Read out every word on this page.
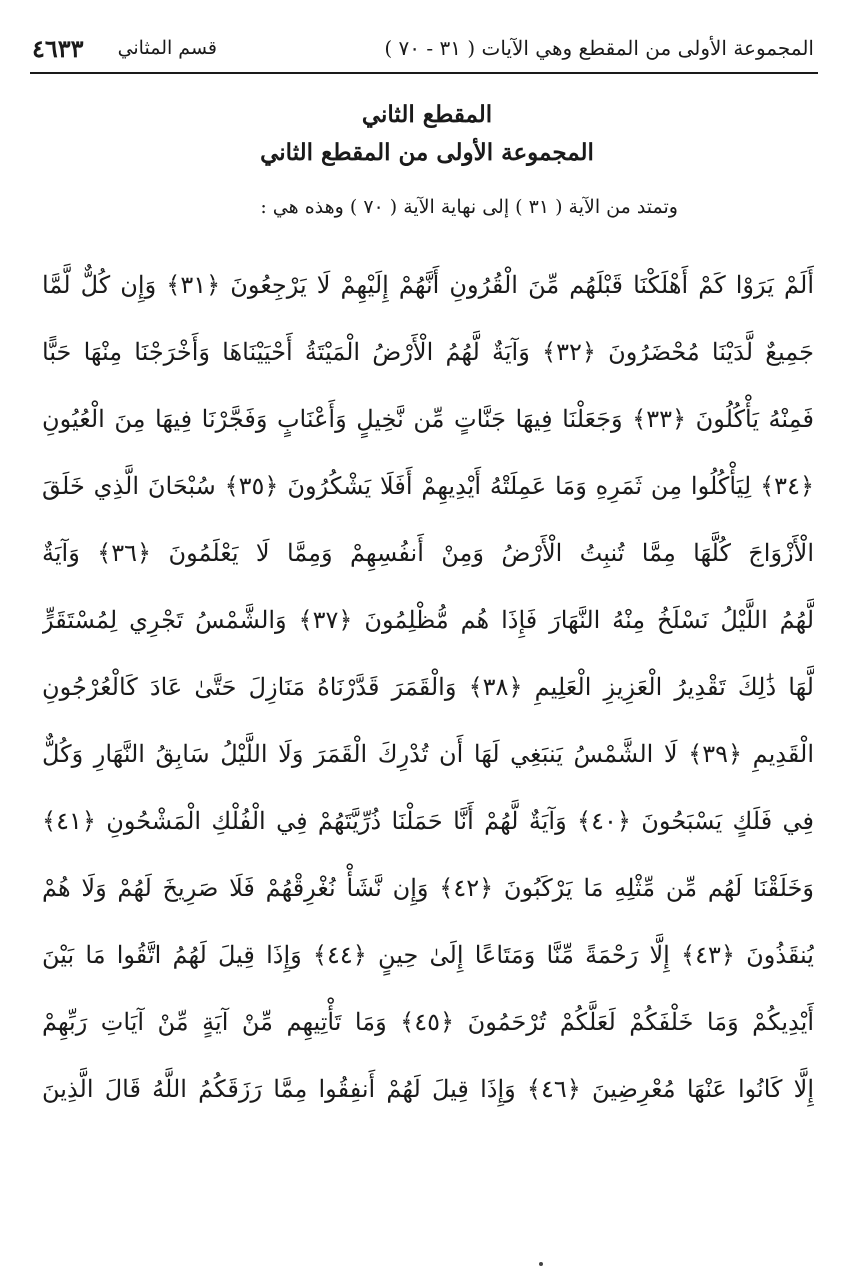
المجموعة الأولى من المقطع وهي الآيات ( ٣١ - ٧٠ )
قسم المثاني
٤٦٣٣
المقطع الثاني
المجموعة الأولى من المقطع الثاني
وتمتد من الآية ( ٣١ ) إلى نهاية الآية ( ٧٠ ) وهذه هي :
أَلَمْ يَرَوْا كَمْ أَهْلَكْنَا قَبْلَهُم مِّنَ الْقُرُونِ أَنَّهُمْ إِلَيْهِمْ لَا يَرْجِعُونَ ﴿٣١﴾ وَإِن كُلٌّ لَّمَّا
جَمِيعٌ لَّدَيْنَا مُحْضَرُونَ ﴿٣٢﴾ وَآيَةٌ لَّهُمُ الْأَرْضُ الْمَيْتَةُ أَحْيَيْنَاهَا وَأَخْرَجْنَا مِنْهَا حَبًّا
فَمِنْهُ يَأْكُلُونَ ﴿٣٣﴾ وَجَعَلْنَا فِيهَا جَنَّاتٍ مِّن نَّخِيلٍ وَأَعْنَابٍ وَفَجَّرْنَا فِيهَا مِنَ الْعُيُونِ
﴿٣٤﴾ لِيَأْكُلُوا مِن ثَمَرِهِ وَمَا عَمِلَتْهُ أَيْدِيهِمْ أَفَلَا يَشْكُرُونَ ﴿٣٥﴾ سُبْحَانَ الَّذِي خَلَقَ
الْأَزْوَاجَ كُلَّهَا مِمَّا تُنبِتُ الْأَرْضُ وَمِنْ أَنفُسِهِمْ وَمِمَّا لَا يَعْلَمُونَ ﴿٣٦﴾ وَآيَةٌ
لَّهُمُ اللَّيْلُ نَسْلَخُ مِنْهُ النَّهَارَ فَإِذَا هُم مُّظْلِمُونَ ﴿٣٧﴾ وَالشَّمْسُ تَجْرِي لِمُسْتَقَرٍّ
لَّهَا ذَٰلِكَ تَقْدِيرُ الْعَزِيزِ الْعَلِيمِ ﴿٣٨﴾ وَالْقَمَرَ قَدَّرْنَاهُ مَنَازِلَ حَتَّىٰ عَادَ كَالْعُرْجُونِ
الْقَدِيمِ ﴿٣٩﴾ لَا الشَّمْسُ يَنبَغِي لَهَا أَن تُدْرِكَ الْقَمَرَ وَلَا اللَّيْلُ سَابِقُ النَّهَارِ وَكُلٌّ
فِي فَلَكٍ يَسْبَحُونَ ﴿٤٠﴾ وَآيَةٌ لَّهُمْ أَنَّا حَمَلْنَا ذُرِّيَّتَهُمْ فِي الْفُلْكِ الْمَشْحُونِ ﴿٤١﴾
وَخَلَقْنَا لَهُم مِّن مِّثْلِهِ مَا يَرْكَبُونَ ﴿٤٢﴾ وَإِن نَّشَأْ نُغْرِقْهُمْ فَلَا صَرِيخَ لَهُمْ وَلَا هُمْ
يُنقَذُونَ ﴿٤٣﴾ إِلَّا رَحْمَةً مِّنَّا وَمَتَاعًا إِلَىٰ حِينٍ ﴿٤٤﴾ وَإِذَا قِيلَ لَهُمُ اتَّقُوا مَا بَيْنَ
أَيْدِيكُمْ وَمَا خَلْفَكُمْ لَعَلَّكُمْ تُرْحَمُونَ ﴿٤٥﴾ وَمَا تَأْتِيهِم مِّنْ آيَةٍ مِّنْ آيَاتِ رَبِّهِمْ
إِلَّا كَانُوا عَنْهَا مُعْرِضِينَ ﴿٤٦﴾ وَإِذَا قِيلَ لَهُمْ أَنفِقُوا مِمَّا رَزَقَكُمُ اللَّهُ قَالَ الَّذِينَ
